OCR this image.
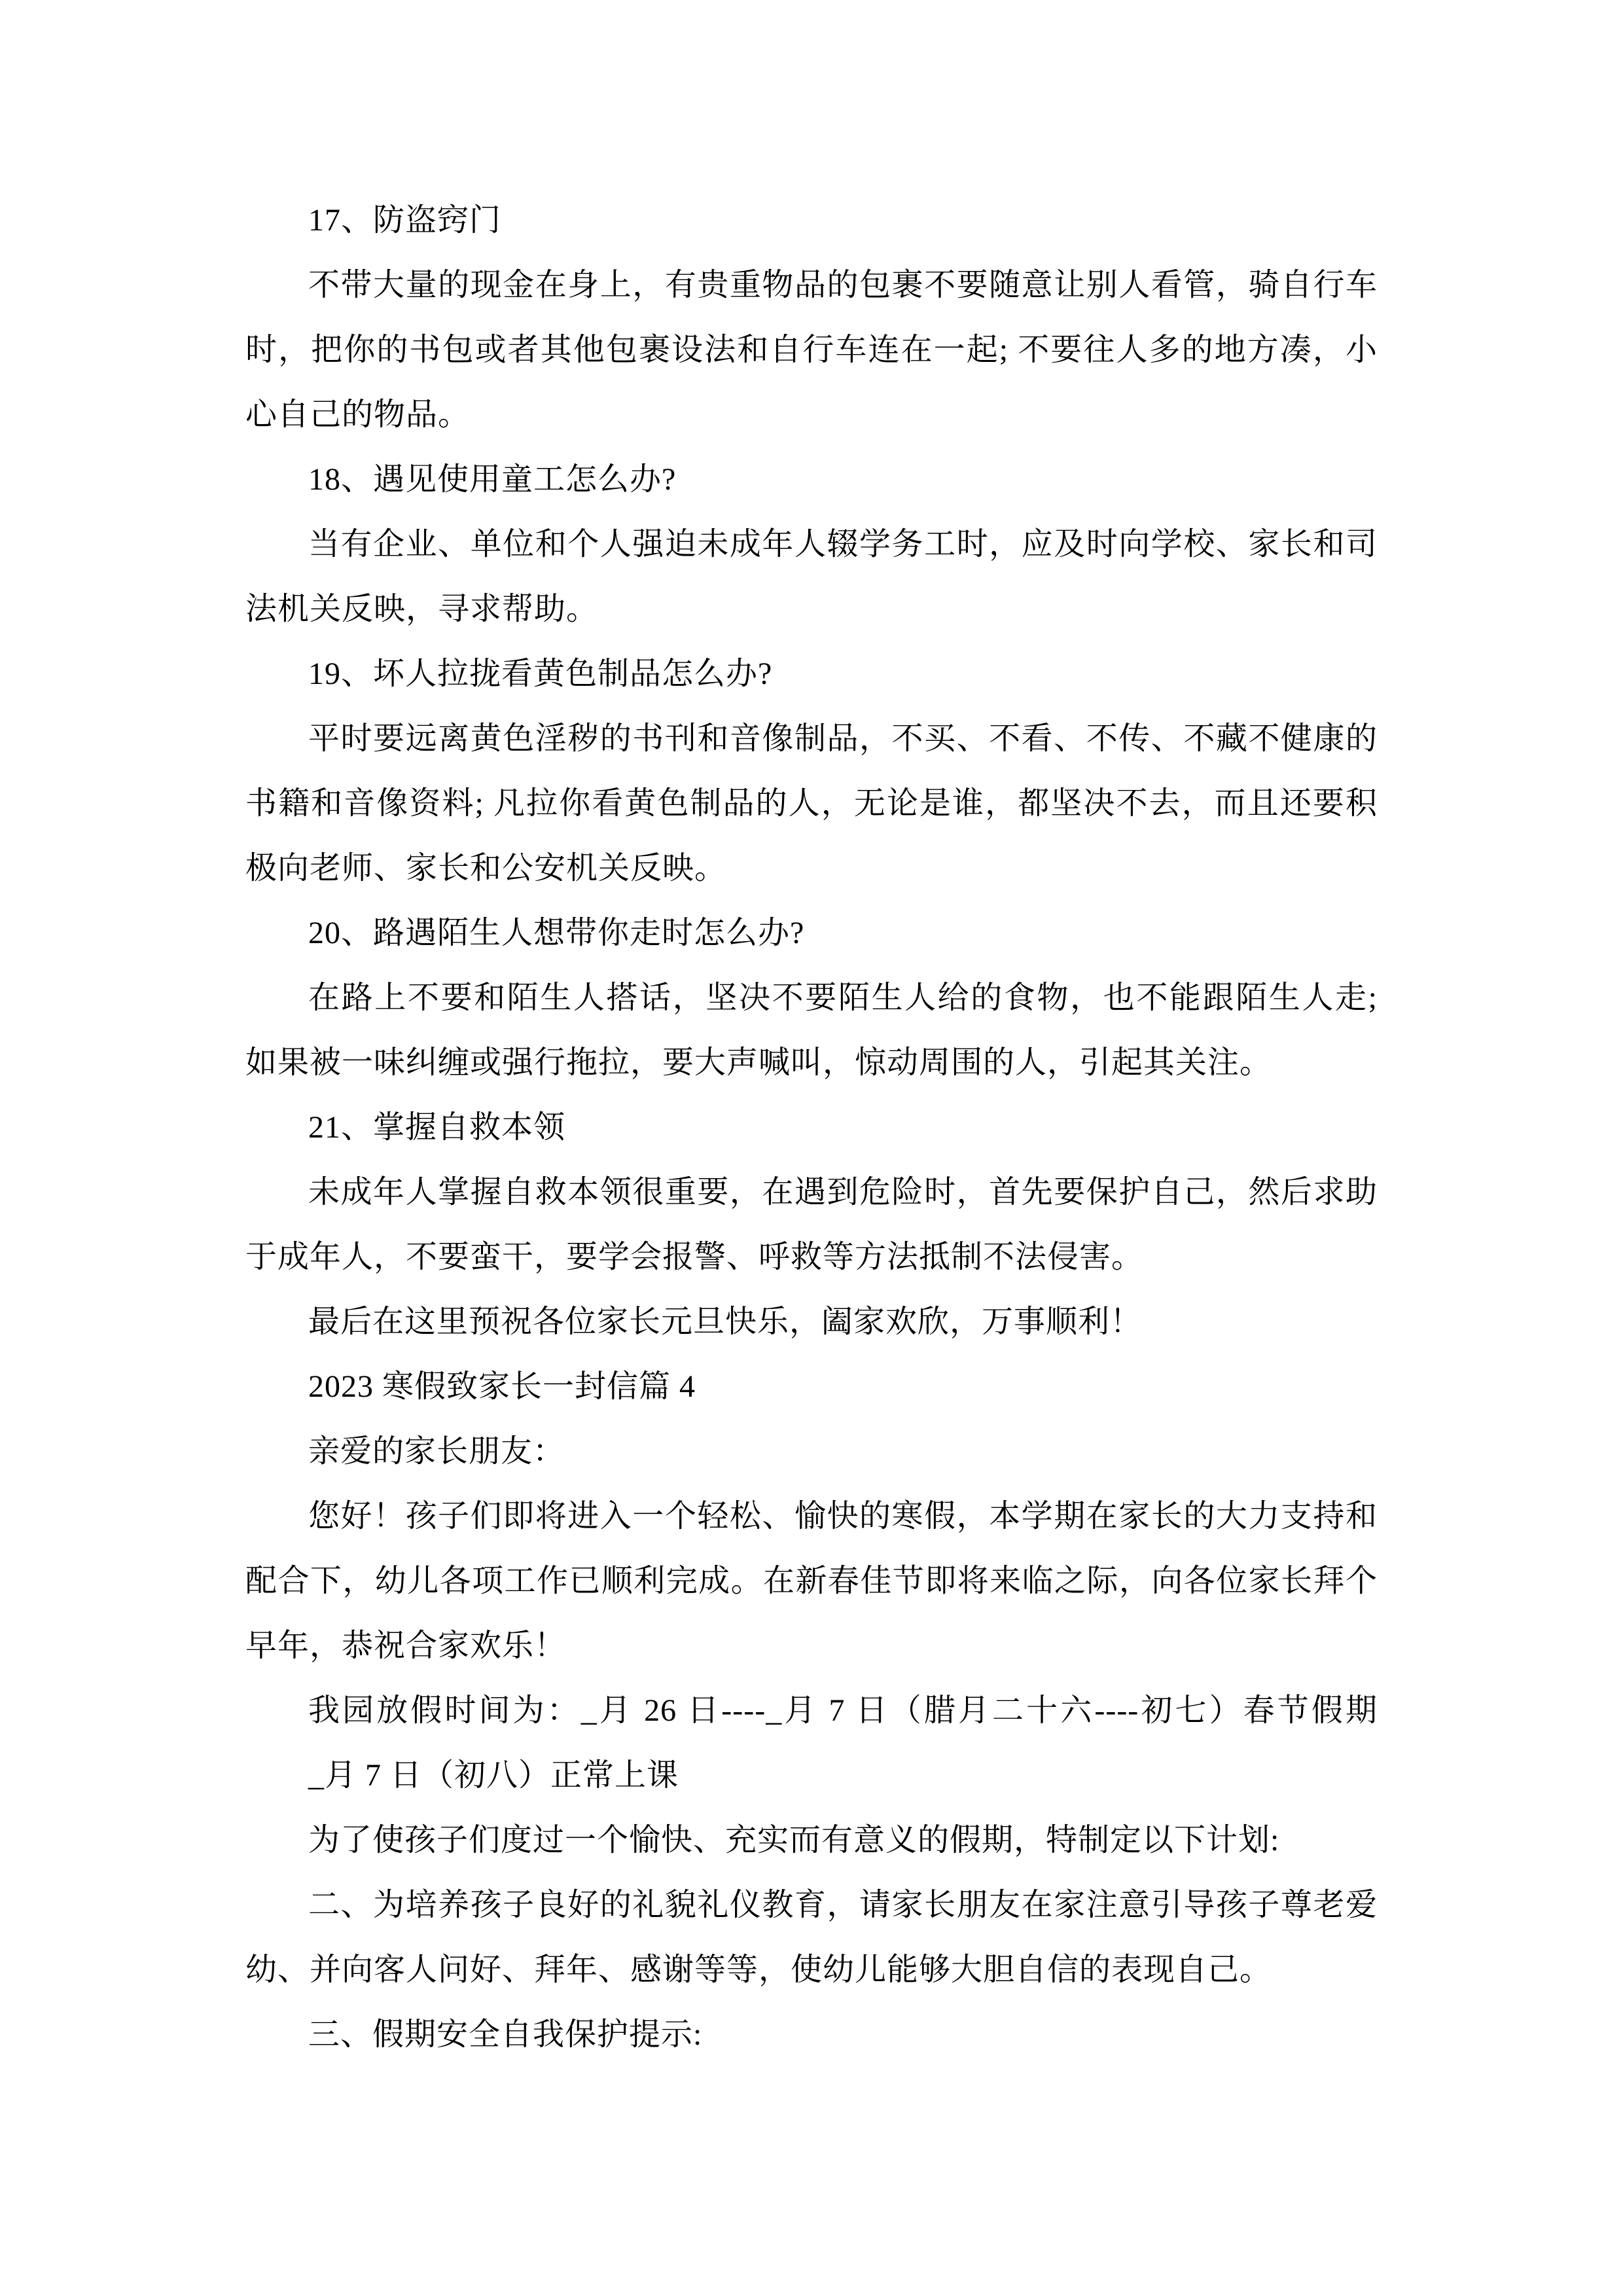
17、防盗窍门

不带大量的现金在身上，有贵重物品的包裹不要随意让别人看管，骑自行车

时，把你的书包或者其他包裹设法和自行车连在一起; 不要往人多的地方凑，小

心自己的物品。

18、遇见使用童工怎么办?

当有企业、单位和个人强迫未成年人辍学务工时，应及时向学校、家长和司

法机关反映，寻求帮助。

19、坏人拉拢看黄色制品怎么办?

平时要远离黄色淫秽的书刊和音像制品，不买、不看、不传、不藏不健康的

书籍和音像资料; 凡拉你看黄色制品的人，无论是谁，都坚决不去，而且还要积

极向老师、家长和公安机关反映。

20、路遇陌生人想带你走时怎么办?

在路上不要和陌生人搭话，坚决不要陌生人给的食物，也不能跟陌生人走;

如果被一味纠缠或强行拖拉，要大声喊叫，惊动周围的人，引起其关注。

21、掌握自救本领

未成年人掌握自救本领很重要，在遇到危险时，首先要保护自己，然后求助

于成年人，不要蛮干，要学会报警、呼救等方法抵制不法侵害。

最后在这里预祝各位家长元旦快乐，阖家欢欣，万事顺利！

2023 寒假致家长一封信篇 4

亲爱的家长朋友：

您好！孩子们即将进入一个轻松、愉快的寒假，本学期在家长的大力支持和

配合下，幼儿各项工作已顺利完成。在新春佳节即将来临之际，向各位家长拜个

早年，恭祝合家欢乐！

我园放假时间为：_月 26 日----_月 7 日（腊月二十六----初七）春节假期

_月 7 日（初八）正常上课

为了使孩子们度过一个愉快、充实而有意义的假期，特制定以下计划:

二、为培养孩子良好的礼貌礼仪教育，请家长朋友在家注意引导孩子尊老爱

幼、并向客人问好、拜年、感谢等等，使幼儿能够大胆自信的表现自己。

三、假期安全自我保护提示:
